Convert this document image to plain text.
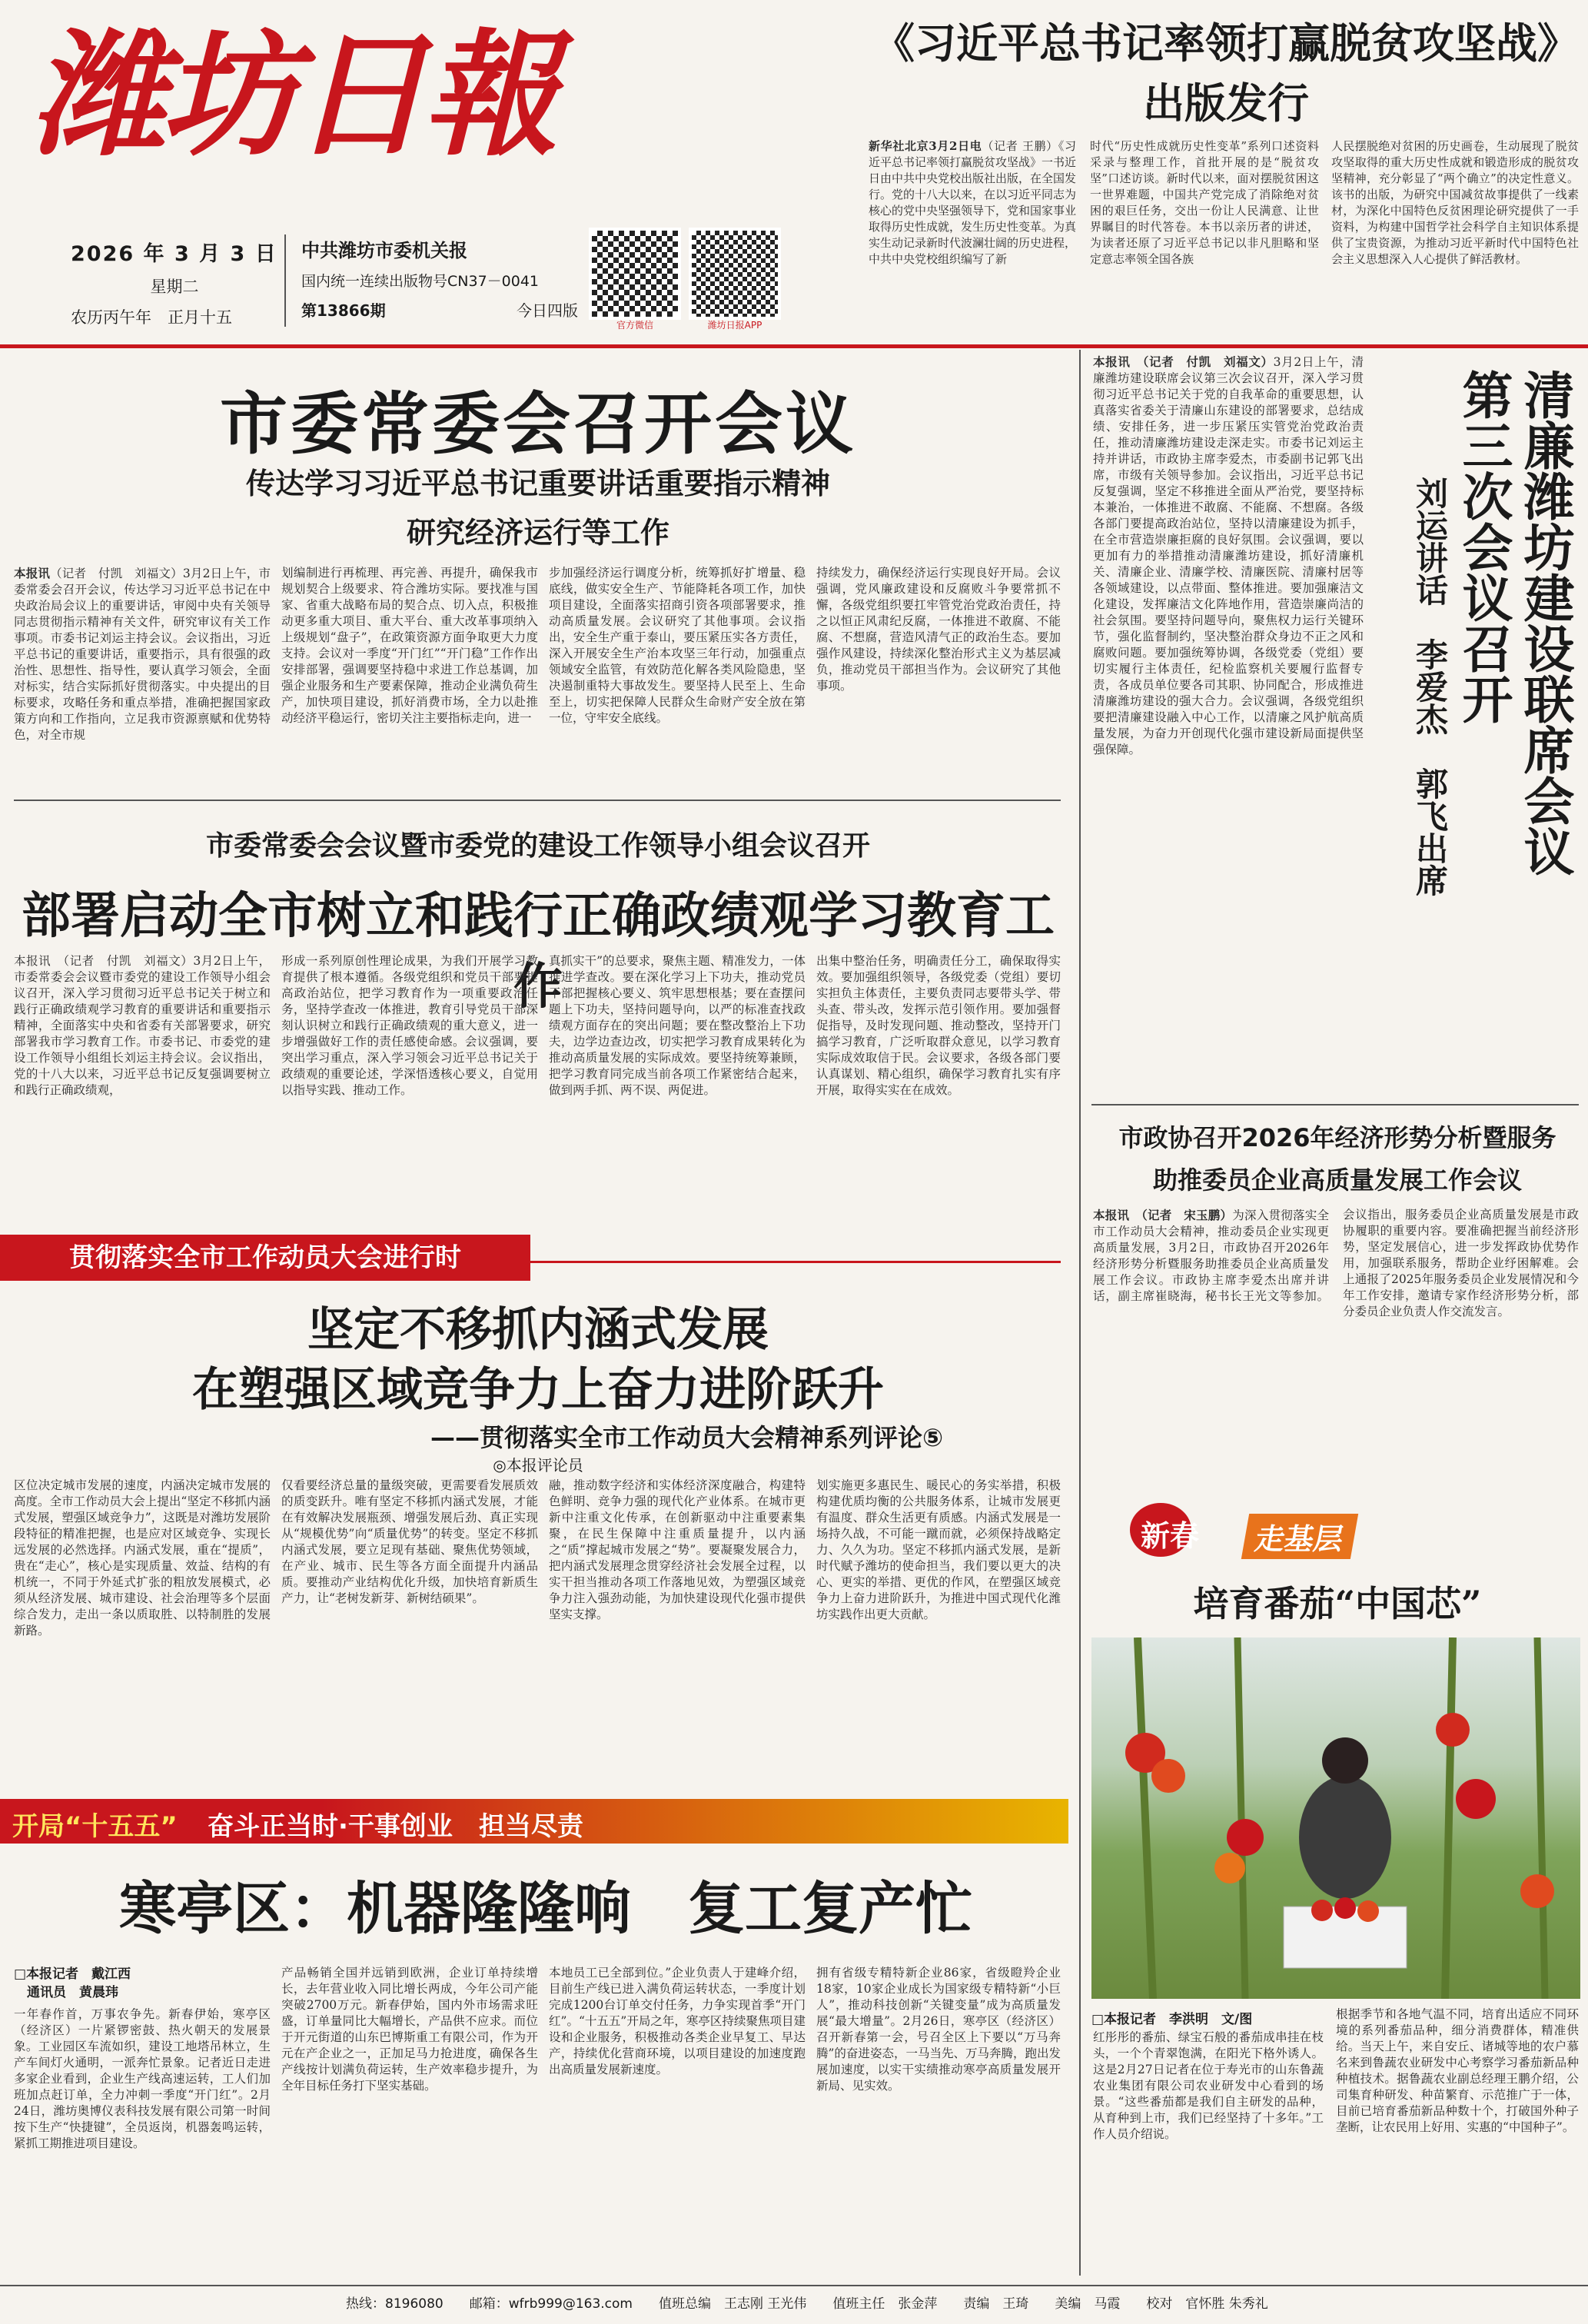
潍坊日報
2026 年 3 月 3 日
星期二
农历丙午年　正月十五
中共潍坊市委机关报
国内统一连续出版物号CN37－0041
第13866期	今日四版
官方微信	潍坊日报APP
《习近平总书记率领打赢脱贫攻坚战》
出版发行
新华社北京3月2日电（记者 王鹏）《习近平总书记率领打赢脱贫攻坚战》一书近日由中共中央党校出版社出版，在全国发行。党的十八大以来，在以习近平同志为核心的党中央坚强领导下，党和国家事业取得历史性成就，发生历史性变革。为真实生动记录新时代波澜壮阔的历史进程，中共中央党校组织编写了新
时代“历史性成就历史性变革”系列口述资料采录与整理工作，首批开展的是“脱贫攻坚”口述访谈。新时代以来，面对摆脱贫困这一世界难题，中国共产党完成了消除绝对贫困的艰巨任务，交出一份让人民满意、让世界瞩目的时代答卷。本书以亲历者的讲述，为读者还原了习近平总书记以非凡胆略和坚定意志率领全国各族
人民摆脱绝对贫困的历史画卷，生动展现了脱贫攻坚取得的重大历史性成就和锻造形成的脱贫攻坚精神，充分彰显了“两个确立”的决定性意义。该书的出版，为研究中国减贫故事提供了一线素材，为深化中国特色反贫困理论研究提供了一手资料，为构建中国哲学社会科学自主知识体系提供了宝贵资源，为推动习近平新时代中国特色社会主义思想深入人心提供了鲜活教材。
市委常委会召开会议
传达学习习近平总书记重要讲话重要指示精神
研究经济运行等工作
本报讯（记者　付凯　刘福文）3月2日上午，市委常委会召开会议，传达学习习近平总书记在中央政治局会议上的重要讲话，审阅中央有关领导同志贯彻指示精神有关文件，研究审议有关工作事项。市委书记刘运主持会议。会议指出，习近平总书记的重要讲话，重要指示，具有很强的政治性、思想性、指导性，要认真学习领会，全面对标实，结合实际抓好贯彻落实。中央提出的目标要求，攻略任务和重点举措，准确把握国家政策方向和工作指向，立足我市资源禀赋和优势特色，对全市规
划编制进行再梳理、再完善、再提升，确保我市规划契合上级要求、符合潍坊实际。要找准与国家、省重大战略布局的契合点、切入点，积极推动更多重大项目、重大平台、重大改革事项纳入上级规划“盘子”，在政策资源方面争取更大力度支持。会议对一季度“开门红”“开门稳”工作作出安排部署，强调要坚持稳中求进工作总基调，加强企业服务和生产要素保障，推动企业满负荷生产，加快项目建设，抓好消费市场，全力以赴推动经济平稳运行，密切关注主要指标走向，进一
步加强经济运行调度分析，统筹抓好扩增量、稳底线，做实安全生产、节能降耗各项工作，加快项目建设，全面落实招商引资各项部署要求，推动高质量发展。会议研究了其他事项。会议指出，安全生产重于泰山，要压紧压实各方责任，深入开展安全生产治本攻坚三年行动，加强重点领域安全监管，有效防范化解各类风险隐患，坚决遏制重特大事故发生。要坚持人民至上、生命至上，切实把保障人民群众生命财产安全放在第一位，守牢安全底线。
持续发力，确保经济运行实现良好开局。会议强调，党风廉政建设和反腐败斗争要常抓不懈，各级党组织要扛牢管党治党政治责任，持之以恒正风肃纪反腐，一体推进不敢腐、不能腐、不想腐，营造风清气正的政治生态。要加强作风建设，持续深化整治形式主义为基层减负，推动党员干部担当作为。会议研究了其他事项。
市委常委会会议暨市委党的建设工作领导小组会议召开
部署启动全市树立和践行正确政绩观学习教育工作
本报讯　（记者　付凯　刘福文）3月2日上午，市委常委会会议暨市委党的建设工作领导小组会议召开，深入学习贯彻习近平总书记关于树立和践行正确政绩观学习教育的重要讲话和重要指示精神，全面落实中央和省委有关部署要求，研究部署我市学习教育工作。市委书记、市委党的建设工作领导小组组长刘运主持会议。会议指出，党的十八大以来，习近平总书记反复强调要树立和践行正确政绩观，
形成一系列原创性理论成果，为我们开展学习教育提供了根本遵循。各级党组织和党员干部要提高政治站位，把学习教育作为一项重要政治任务，坚持学查改一体推进，教育引导党员干部深刻认识树立和践行正确政绩观的重大意义，进一步增强做好工作的责任感使命感。会议强调，要突出学习重点，深入学习领会习近平总书记关于政绩观的重要论述，学深悟透核心要义，自觉用以指导实践、推动工作。
真抓实干”的总要求，聚焦主题、精准发力，一体推进学查改。要在深化学习上下功夫，推动党员干部把握核心要义、筑牢思想根基；要在查摆问题上下功夫，坚持问题导向，以严的标准查找政绩观方面存在的突出问题；要在整改整治上下功夫，边学边查边改，切实把学习教育成果转化为推动高质量发展的实际成效。要坚持统筹兼顾，把学习教育同完成当前各项工作紧密结合起来，做到两手抓、两不误、两促进。
出集中整治任务，明确责任分工，确保取得实效。要加强组织领导，各级党委（党组）要切实担负主体责任，主要负责同志要带头学、带头查、带头改，发挥示范引领作用。要加强督促指导，及时发现问题、推动整改，坚持开门搞学习教育，广泛听取群众意见，以学习教育实际成效取信于民。会议要求，各级各部门要认真谋划、精心组织，确保学习教育扎实有序开展，取得实实在在成效。
贯彻落实全市工作动员大会进行时
坚定不移抓内涵式发展
在塑强区域竞争力上奋力进阶跃升
——贯彻落实全市工作动员大会精神系列评论⑤
◎本报评论员
区位决定城市发展的速度，内涵决定城市发展的高度。全市工作动员大会上提出“坚定不移抓内涵式发展，塑强区域竞争力”，这既是对潍坊发展阶段特征的精准把握，也是应对区域竞争、实现长远发展的必然选择。内涵式发展，重在“提质”，贵在“走心”，核心是实现质量、效益、结构的有机统一，不同于外延式扩张的粗放发展模式，必须从经济发展、城市建设、社会治理等多个层面综合发力，走出一条以质取胜、以特制胜的发展新路。
仅看要经济总量的量级突破，更需要看发展质效的质变跃升。唯有坚定不移抓内涵式发展，才能在有效解决发展瓶颈、增强发展后劲、真正实现从“规模优势”向“质量优势”的转变。坚定不移抓内涵式发展，要立足现有基础、聚焦优势领域，在产业、城市、民生等各方面全面提升内涵品质。要推动产业结构优化升级，加快培育新质生产力，让“老树发新芽、新树结硕果”。
融，推动数字经济和实体经济深度融合，构建特色鲜明、竞争力强的现代化产业体系。在城市更新中注重文化传承，在创新驱动中注重要素集聚，在民生保障中注重质量提升，以内涵之“质”撑起城市发展之“势”。要凝聚发展合力，把内涵式发展理念贯穿经济社会发展全过程，以实干担当推动各项工作落地见效，为塑强区域竞争力注入强劲动能，为加快建设现代化强市提供坚实支撑。
划实施更多惠民生、暖民心的务实举措，积极构建优质均衡的公共服务体系，让城市发展更有温度、群众生活更有质感。内涵式发展是一场持久战，不可能一蹴而就，必须保持战略定力、久久为功。坚定不移抓内涵式发展，是新时代赋予潍坊的使命担当，我们要以更大的决心、更实的举措、更优的作风，在塑强区域竞争力上奋力进阶跃升，为推进中国式现代化潍坊实践作出更大贡献。
开局“十五五” 奋斗正当时·干事创业　担当尽责
寒亭区：机器隆隆响　复工复产忙
□本报记者　戴江西
　通讯员　黄晨玮
一年春作首，万事农争先。新春伊始，寒亭区（经济区）一片紧锣密鼓、热火朝天的发展景象。工业园区车流如织，建设工地塔吊林立，生产车间灯火通明，一派奔忙景象。记者近日走进多家企业看到，企业生产线高速运转，工人们加班加点赶订单，全力冲刺一季度“开门红”。2月24日，潍坊奥博仪表科技发展有限公司第一时间按下生产“快捷键”，全员返岗，机器轰鸣运转，紧抓工期推进项目建设。
产品畅销全国并远销到欧洲，企业订单持续增长，去年营业收入同比增长两成，今年公司产能突破2700万元。新春伊始，国内外市场需求旺盛，订单量同比大幅增长，产品供不应求。而位于开元街道的山东巴博斯重工有限公司，作为开元在产企业之一，正加足马力抢进度，确保各生产线按计划满负荷运转，生产效率稳步提升，为全年目标任务打下坚实基础。
本地员工已全部到位。”企业负责人于建峰介绍，目前生产线已进入满负荷运转状态，一季度计划完成1200台订单交付任务，力争实现首季“开门红”。“十五五”开局之年，寒亭区持续聚焦项目建设和企业服务，积极推动各类企业早复工、早达产，持续优化营商环境，以项目建设的加速度跑出高质量发展新速度。
拥有省级专精特新企业86家，省级瞪羚企业18家，10家企业成长为国家级专精特新“小巨人”，推动科技创新“关键变量”成为高质量发展“最大增量”。2月26日，寒亭区（经济区）召开新春第一会，号召全区上下要以“万马奔腾”的奋进姿态，一马当先、万马奔腾，跑出发展加速度，以实干实绩推动寒亭高质量发展开新局、见实效。
清廉潍坊建设联席会议第三次会议召开
刘运讲话　李爱杰　郭飞出席
本报讯　（记者　付凯　刘福文）3月2日上午，清廉潍坊建设联席会议第三次会议召开，深入学习贯彻习近平总书记关于党的自我革命的重要思想，认真落实省委关于清廉山东建设的部署要求，总结成绩、安排任务，进一步压紧压实管党治党政治责任，推动清廉潍坊建设走深走实。市委书记刘运主持并讲话，市政协主席李爱杰，市委副书记郭飞出席，市级有关领导参加。会议指出，习近平总书记反复强调，坚定不移推进全面从严治党，要坚持标本兼治，一体推进不敢腐、不能腐、不想腐。各级各部门要提高政治站位，坚持以清廉建设为抓手，在全市营造崇廉拒腐的良好氛围。会议强调，要以更加有力的举措推动清廉潍坊建设，抓好清廉机关、清廉企业、清廉学校、清廉医院、清廉村居等各领域建设，以点带面、整体推进。要加强廉洁文化建设，发挥廉洁文化阵地作用，营造崇廉尚洁的社会氛围。要坚持问题导向，聚焦权力运行关键环节，强化监督制约，坚决整治群众身边不正之风和腐败问题。要加强统筹协调，各级党委（党组）要切实履行主体责任，纪检监察机关要履行监督专责，各成员单位要各司其职、协同配合，形成推进清廉潍坊建设的强大合力。会议强调，各级党组织要把清廉建设融入中心工作，以清廉之风护航高质量发展，为奋力开创现代化强市建设新局面提供坚强保障。
市政协召开2026年经济形势分析暨服务
助推委员企业高质量发展工作会议
本报讯　（记者　宋玉鹏）为深入贯彻落实全市工作动员大会精神，推动委员企业实现更高质量发展，3月2日，市政协召开2026年经济形势分析暨服务助推委员企业高质量发展工作会议。市政协主席李爱杰出席并讲话，副主席崔晓海，秘书长王光文等参加。会议指出，服务委员企业高质量发展是市政协履职的重要内容。要准确把握当前经济形势，坚定发展信心，进一步发挥政协优势作用，加强联系服务，帮助企业纾困解难。会上通报了2025年服务委员企业发展情况和今年工作安排，邀请专家作经济形势分析，部分委员企业负责人作交流发言。
新春	走基层
培育番茄“中国芯”
□本报记者　李洪明　文/图
红彤彤的番茄、绿宝石般的番茄成串挂在枝头，一个个青翠饱满，在阳光下格外诱人。这是2月27日记者在位于寿光市的山东鲁蔬农业集团有限公司农业研发中心看到的场景。“这些番茄都是我们自主研发的品种，从育种到上市，我们已经坚持了十多年。”工作人员介绍说。
根据季节和各地气温不同，培育出适应不同环境的系列番茄品种，细分消费群体，精准供给。当天上午，来自安丘、诸城等地的农户慕名来到鲁蔬农业研发中心考察学习番茄新品种种植技术。据鲁蔬农业副总经理王鹏介绍，公司集育种研发、种苗繁育、示范推广于一体，目前已培育番茄新品种数十个，打破国外种子垄断，让农民用上好用、实惠的“中国种子”。
热线：8196080 邮箱：wfrb999@163.com 值班总编　王志刚 王光伟 值班主任　张金萍 责编　王琦 美编　马霞 校对　官怀胜 朱秀礼
